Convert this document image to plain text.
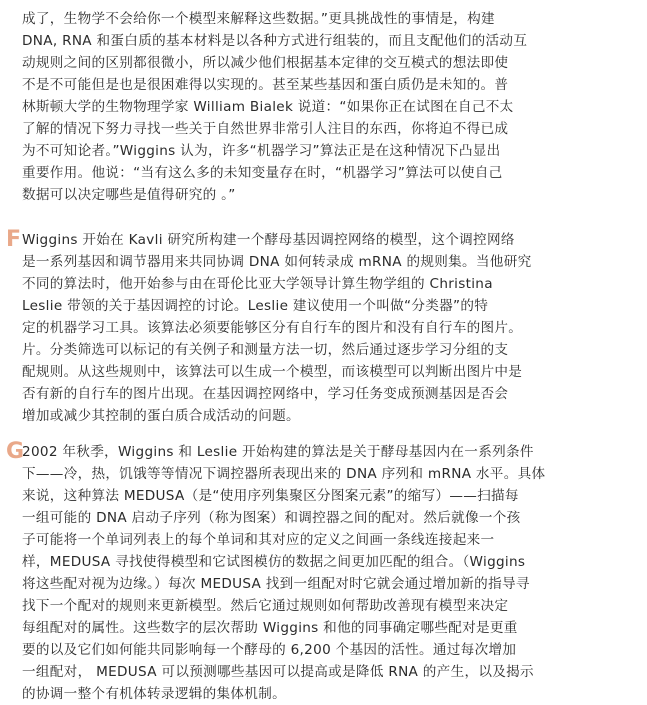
成了，生物学不会给你一个模型来解释这些数据。”更具挑战性的事情是，构建
DNA, RNA 和蛋白质的基本材料是以各种方式进行组装的，而且支配他们的活动互
动规则之间的区别都很微小，所以减少他们根据基本定律的交互模式的想法即使
不是不可能但是也是很困难得以实现的。甚至某些基因和蛋白质仍是未知的。普
林斯顿大学的生物物理学家 William Bialek 说道：“如果你正在试图在自己不太
了解的情况下努力寻找一些关于自然世界非常引人注目的东西，你将迫不得已成
为不可知论者。”Wiggins 认为，许多“机器学习”算法正是在这种情况下凸显出
重要作用。他说：“当有这么多的未知变量存在时，“机器学习”算法可以使自己
数据可以决定哪些是值得研究的 。”
F Wiggins 开始在 Kavli 研究所构建一个酵母基因调控网络的模型，这个调控网络
是一系列基因和调节器用来共同协调 DNA 如何转录成 mRNA 的规则集。当他研究
不同的算法时，他开始参与由在哥伦比亚大学领导计算生物学组的 Christina
Leslie 带领的关于基因调控的讨论。Leslie 建议使用一个叫做“分类器”的特
定的机器学习工具。该算法必须要能够区分有自行车的图片和没有自行车的图片。
片。分类筛选可以标记的有关例子和测量方法一切，然后通过逐步学习分组的支
配规则。从这些规则中，该算法可以生成一个模型，而该模型可以判断出图片中是
否有新的自行车的图片出现。在基因调控网络中，学习任务变成预测基因是否会
增加或减少其控制的蛋白质合成活动的问题。
G
2002 年秋季，Wiggins 和 Leslie 开始构建的算法是关于酵母基因内在一系列条件
下——冷，热，饥饿等等情况下调控器所表现出来的 DNA 序列和 mRNA 水平。具体
来说，这种算法 MEDUSA（是“使用序列集聚区分图案元素”的缩写）——扫描每
一组可能的 DNA 启动子序列（称为图案）和调控器之间的配对。然后就像一个孩
子可能将一个单词列表上的每个单词和其对应的定义之间画一条线连接起来一
样，MEDUSA 寻找使得模型和它试图模仿的数据之间更加匹配的组合。（Wiggins
将这些配对视为边缘。）每次 MEDUSA 找到一组配对时它就会通过增加新的指导寻
找下一个配对的规则来更新模型。然后它通过规则如何帮助改善现有模型来决定
每组配对的属性。这些数字的层次帮助 Wiggins 和他的同事确定哪些配对是更重
要的以及它们如何能共同影响每一个酵母的 6,200 个基因的活性。通过每次增加
一组配对， MEDUSA 可以预测哪些基因可以提高或是降低 RNA 的产生，以及揭示
的协调一整个有机体转录逻辑的集体机制。
